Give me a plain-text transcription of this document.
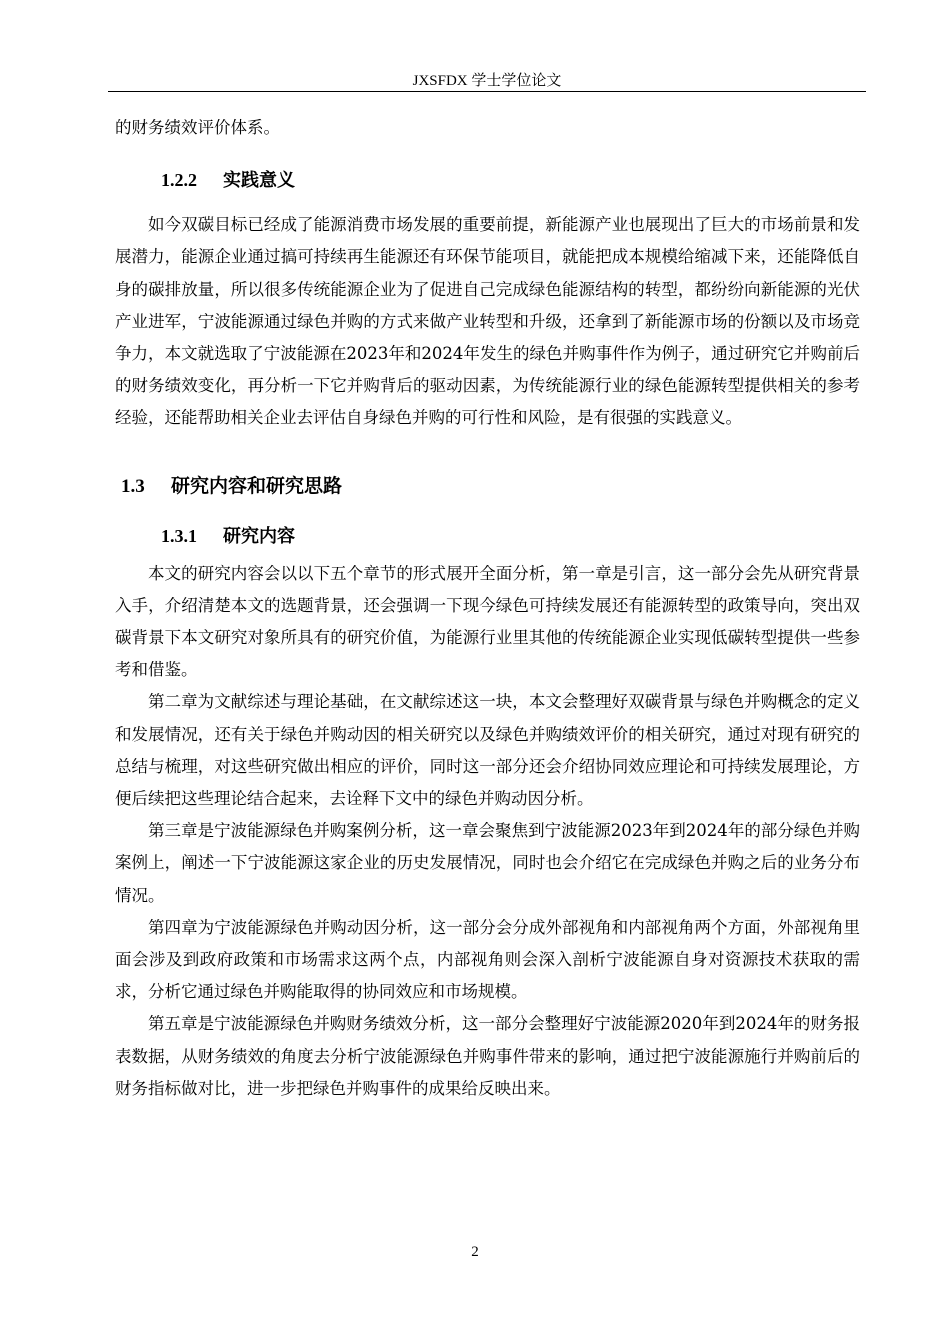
JXSFDX 学士学位论文

的财务绩效评价体系。

1.2.2 实践意义

如今双碳目标已经成了能源消费市场发展的重要前提，新能源产业也展现出了巨大的市场前景和发展潜力，能源企业通过搞可持续再生能源还有环保节能项目，就能把成本规模给缩减下来，还能降低自身的碳排放量，所以很多传统能源企业为了促进自己完成绿色能源结构的转型，都纷纷向新能源的光伏产业进军，宁波能源通过绿色并购的方式来做产业转型和升级，还拿到了新能源市场的份额以及市场竞争力，本文就选取了宁波能源在2023年和2024年发生的绿色并购事件作为例子，通过研究它并购前后的财务绩效变化，再分析一下它并购背后的驱动因素，为传统能源行业的绿色能源转型提供相关的参考经验，还能帮助相关企业去评估自身绿色并购的可行性和风险，是有很强的实践意义。

1.3 研究内容和研究思路
1.3.1 研究内容

本文的研究内容会以以下五个章节的形式展开全面分析，第一章是引言，这一部分会先从研究背景入手，介绍清楚本文的选题背景，还会强调一下现今绿色可持续发展还有能源转型的政策导向，突出双碳背景下本文研究对象所具有的研究价值，为能源行业里其他的传统能源企业实现低碳转型提供一些参考和借鉴。

第二章为文献综述与理论基础，在文献综述这一块，本文会整理好双碳背景与绿色并购概念的定义和发展情况，还有关于绿色并购动因的相关研究以及绿色并购绩效评价的相关研究，通过对现有研究的总结与梳理，对这些研究做出相应的评价，同时这一部分还会介绍协同效应理论和可持续发展理论，方便后续把这些理论结合起来，去诠释下文中的绿色并购动因分析。

第三章是宁波能源绿色并购案例分析，这一章会聚焦到宁波能源2023年到2024年的部分绿色并购案例上，阐述一下宁波能源这家企业的历史发展情况，同时也会介绍它在完成绿色并购之后的业务分布情况。

第四章为宁波能源绿色并购动因分析，这一部分会分成外部视角和内部视角两个方面，外部视角里面会涉及到政府政策和市场需求这两个点，内部视角则会深入剖析宁波能源自身对资源技术获取的需求，分析它通过绿色并购能取得的协同效应和市场规模。

第五章是宁波能源绿色并购财务绩效分析，这一部分会整理好宁波能源2020年到2024年的财务报表数据，从财务绩效的角度去分析宁波能源绿色并购事件带来的影响，通过把宁波能源施行并购前后的财务指标做对比，进一步把绿色并购事件的成果给反映出来。

2
